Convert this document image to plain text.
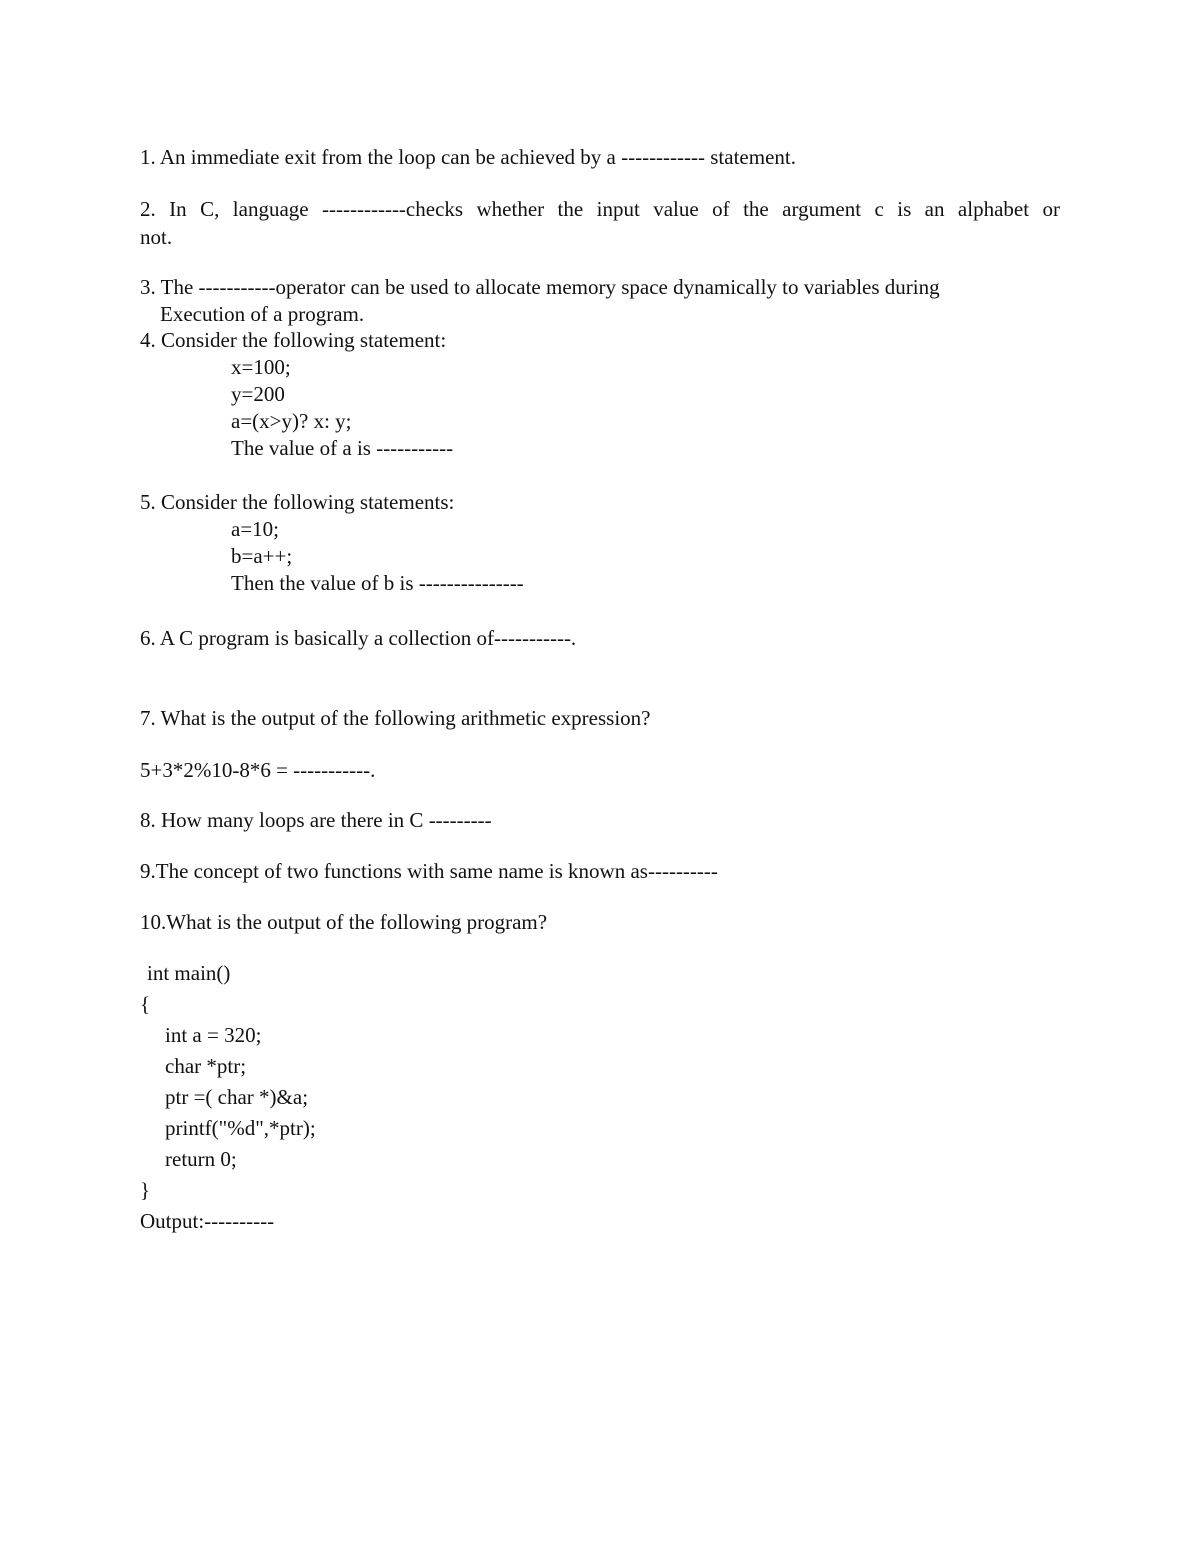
1. An immediate exit from the loop can be achieved by a ------------ statement.
2. In C, language ------------checks whether the input value of the argument c is an alphabet or
not.
3. The -----------operator can be used to allocate memory space dynamically to variables during
Execution of a program.
4. Consider the following statement:
x=100;
y=200
a=(x>y)? x: y;
The value of a is -----------
5. Consider the following statements:
a=10;
b=a++;
Then the value of b is ---------------
6. A C program is basically a collection of-----------.
7. What is the output of the following arithmetic expression?
5+3*2%10-8*6 = -----------.
8. How many loops are there in C ---------
9.The concept of two functions with same name is known as----------
10.What is the output of the following program?
int main()
{
int a = 320;
char *ptr;
ptr =( char *)&a;
printf("%d",*ptr);
return 0;
}
Output:----------
